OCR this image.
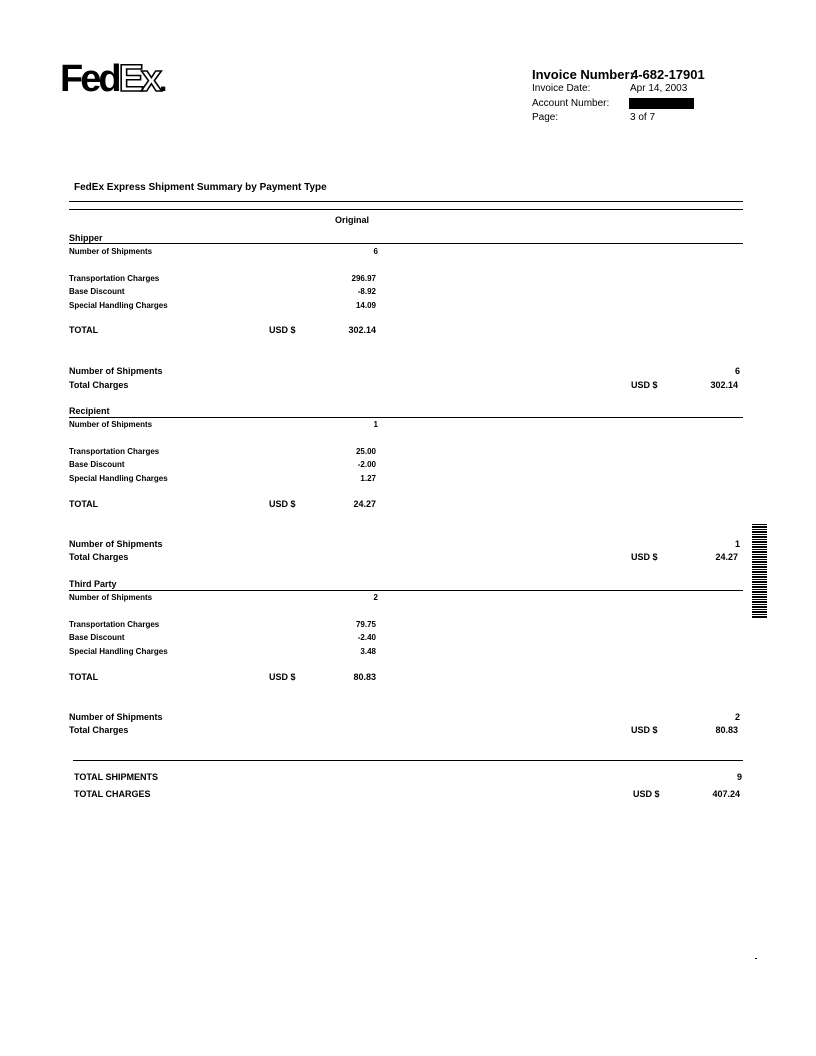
FedEx.	Invoice Number:
4-682-17901
Invoice Date:	Apr 14, 2003
Account Number:
Page:	3 of 7
FedEx Express Shipment Summary by Payment Type
Original
Shipper
Number of Shipments	6
Transportation Charges	296.97
Base Discount	-8.92
Special Handling Charges	14.09
TOTAL	USD $	302.14
Number of Shipments	6
Total Charges	USD $	302.14
Recipient
Number of Shipments	1
Transportation Charges	25.00
Base Discount	-2.00
Special Handling Charges	1.27
TOTAL	USD $	24.27
Number of Shipments	1
Total Charges	USD $	24.27
Third Party
Number of Shipments	2
Transportation Charges	79.75
Base Discount	-2.40
Special Handling Charges	3.48
TOTAL	USD $	80.83
Number of Shipments	2
Total Charges	USD $	80.83
TOTAL SHIPMENTS	9
TOTAL CHARGES	USD $	407.24
